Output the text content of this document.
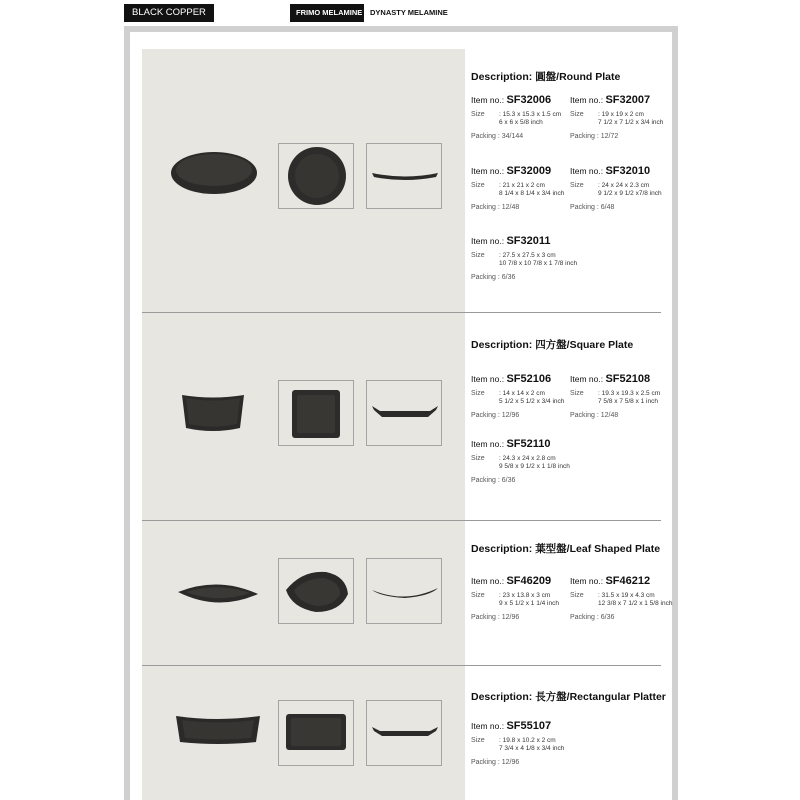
BLACK COPPER	FRIMO MELAMINE	DYNASTY MELAMINE
Description: 圓盤/Round Plate
Item no.: SF32006
Size	: 15.3 x 15.3 x 1.5 cm
6 x 6 x 5/8 inch
Packing : 34/144
Item no.: SF32007
Size	: 19 x 19 x 2 cm
7 1/2 x 7 1/2 x 3/4 inch
Packing : 12/72
Item no.: SF32009
Size	: 21 x 21 x 2 cm
8 1/4 x 8 1/4 x 3/4 inch
Packing : 12/48
Item no.: SF32010
Size	: 24 x 24 x 2.3 cm
9 1/2 x 9 1/2 x7/8 inch
Packing : 6/48
Item no.: SF32011
Size	: 27.5 x 27.5 x 3 cm
10 7/8 x 10 7/8 x 1 7/8 inch
Packing : 6/36
Description: 四方盤/Square Plate
Item no.: SF52106
Size	: 14 x 14 x 2 cm
5 1/2 x 5 1/2 x 3/4 inch
Packing : 12/96
Item no.: SF52108
Size	: 19.3 x 19.3 x 2.5 cm
7 5/8 x 7 5/8 x 1 inch
Packing : 12/48
Item no.: SF52110
Size	: 24.3 x 24 x 2.8 cm
9 5/8 x 9 1/2 x 1 1/8 inch
Packing : 6/36
Description: 葉型盤/Leaf Shaped Plate
Item no.: SF46209
Size	: 23 x 13.8 x 3 cm
9 x 5 1/2 x 1 1/4 inch
Packing : 12/96
Item no.: SF46212
Size	: 31.5 x 19 x 4.3 cm
12 3/8 x 7 1/2 x 1 5/8 inch
Packing : 6/36
Description: 長方盤/Rectangular Platter
Item no.: SF55107
Size	: 19.8 x 10.2 x 2 cm
7 3/4 x 4 1/8 x 3/4 inch
Packing : 12/96
